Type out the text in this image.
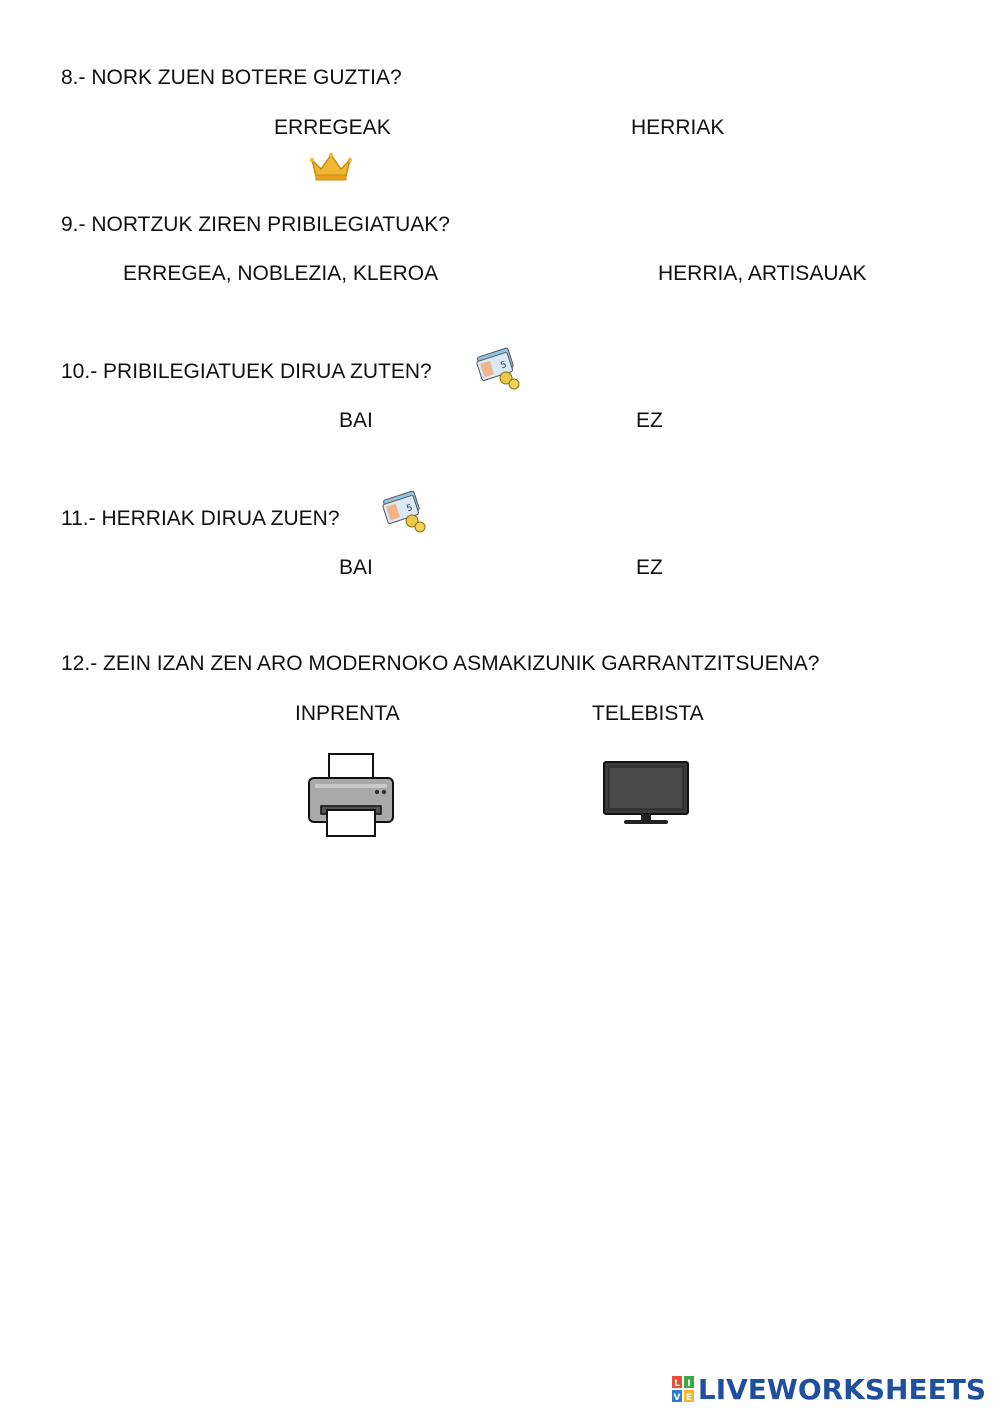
8.- NORK ZUEN BOTERE GUZTIA?
ERREGEAK	HERRIAK
9.- NORTZUK ZIREN PRIBILEGIATUAK?
ERREGEA, NOBLEZIA, KLEROA	HERRIA, ARTISAUAK
10.- PRIBILEGIATUEK DIRUA ZUTEN?	5
BAI	EZ
11.- HERRIAK DIRUA ZUEN?	5
BAI	EZ
12.- ZEIN IZAN ZEN ARO MODERNOKO ASMAKIZUNIK GARRANTZITSUENA?
INPRENTA	TELEBISTA
L I
V E LIVEWORKSHEETS
